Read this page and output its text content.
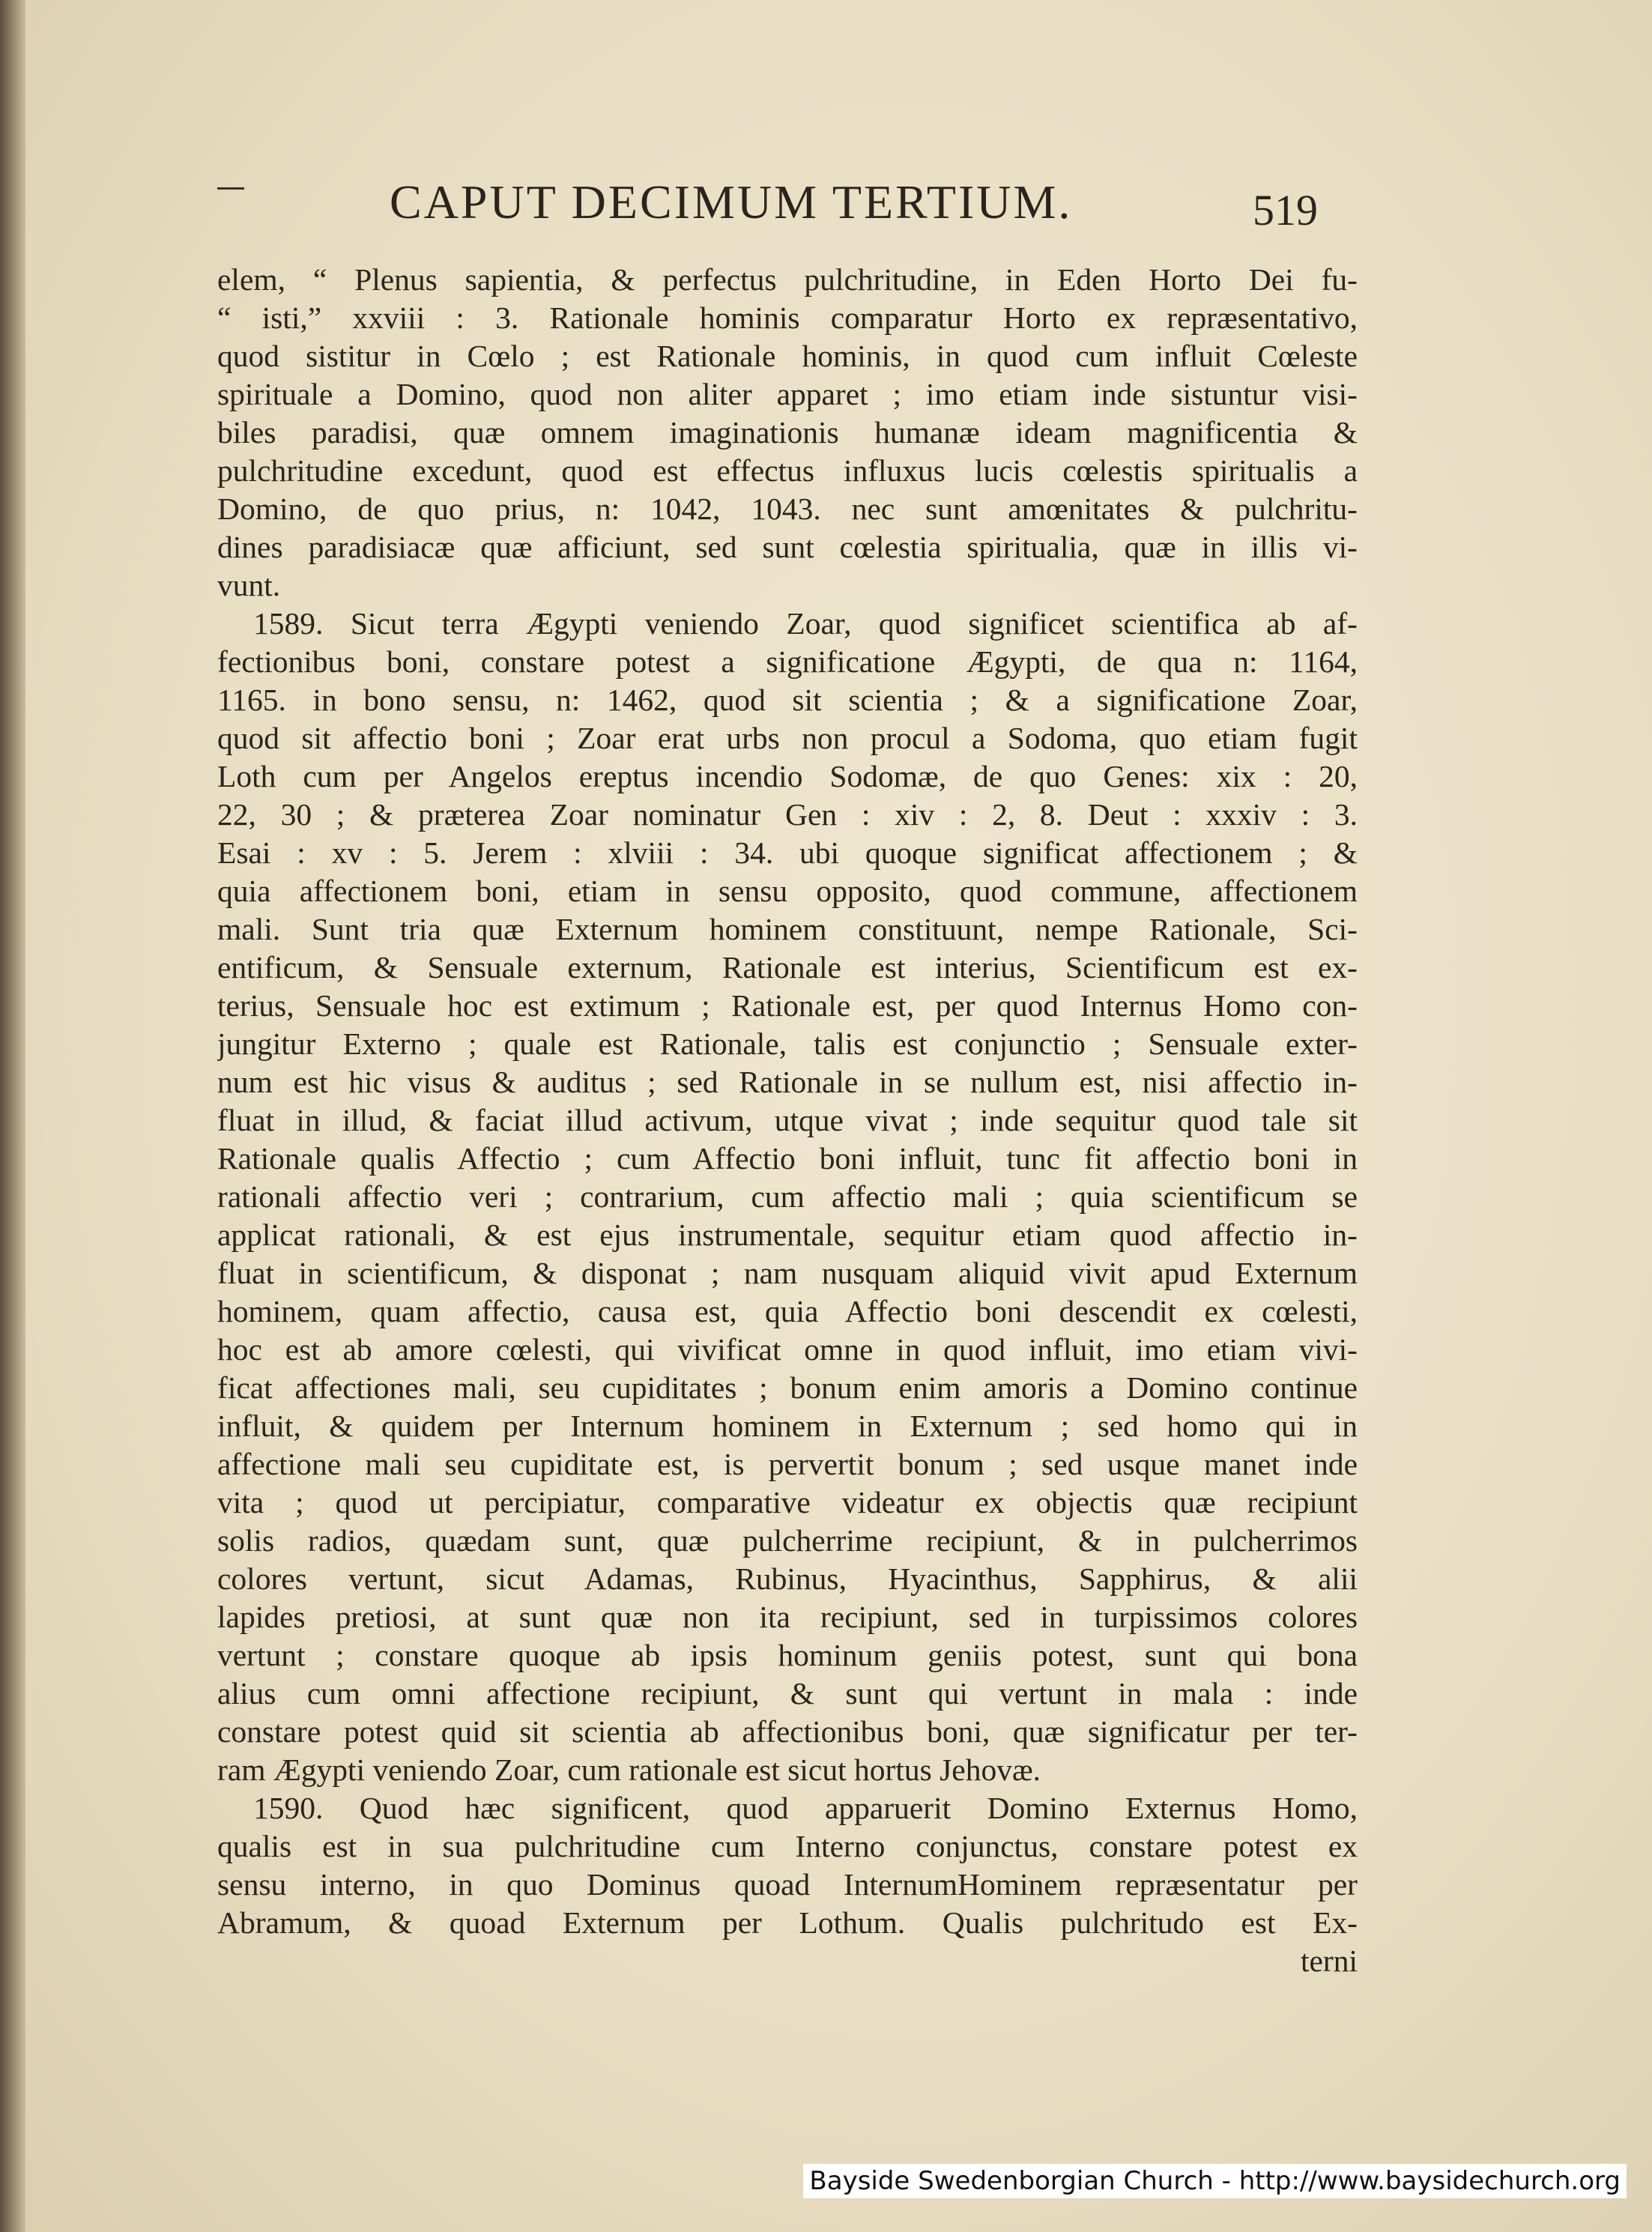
CAPUT DECIMUM TERTIUM.	519
elem, “ Plenus sapientia, & perfectus pulchritudine, in Eden Horto Dei fu-
“ isti,” xxviii : 3. Rationale hominis comparatur Horto ex repræsentativo,
quod sistitur in Cœlo ; est Rationale hominis, in quod cum influit Cœleste
spirituale a Domino, quod non aliter apparet ; imo etiam inde sistuntur visi-
biles paradisi, quæ omnem imaginationis humanæ ideam magnificentia &
pulchritudine excedunt, quod est effectus influxus lucis cœlestis spiritualis a
Domino, de quo prius, n: 1042, 1043. nec sunt amœnitates & pulchritu-
dines paradisiacæ quæ afficiunt, sed sunt cœlestia spiritualia, quæ in illis vi-
vunt.
1589. Sicut terra Ægypti veniendo Zoar, quod significet scientifica ab af-
fectionibus boni, constare potest a significatione Ægypti, de qua n: 1164,
1165. in bono sensu, n: 1462, quod sit scientia ; & a significatione Zoar,
quod sit affectio boni ; Zoar erat urbs non procul a Sodoma, quo etiam fugit
Loth cum per Angelos ereptus incendio Sodomæ, de quo Genes: xix : 20,
22, 30 ; & præterea Zoar nominatur Gen : xiv : 2, 8. Deut : xxxiv : 3.
Esai : xv : 5. Jerem : xlviii : 34. ubi quoque significat affectionem ; &
quia affectionem boni, etiam in sensu opposito, quod commune, affectionem
mali. Sunt tria quæ Externum hominem constituunt, nempe Rationale, Sci-
entificum, & Sensuale externum, Rationale est interius, Scientificum est ex-
terius, Sensuale hoc est extimum ; Rationale est, per quod Internus Homo con-
jungitur Externo ; quale est Rationale, talis est conjunctio ; Sensuale exter-
num est hic visus & auditus ; sed Rationale in se nullum est, nisi affectio in-
fluat in illud, & faciat illud activum, utque vivat ; inde sequitur quod tale sit
Rationale qualis Affectio ; cum Affectio boni influit, tunc fit affectio boni in
rationali affectio veri ; contrarium, cum affectio mali ; quia scientificum se
applicat rationali, & est ejus instrumentale, sequitur etiam quod affectio in-
fluat in scientificum, & disponat ; nam nusquam aliquid vivit apud Externum
hominem, quam affectio, causa est, quia Affectio boni descendit ex cœlesti,
hoc est ab amore cœlesti, qui vivificat omne in quod influit, imo etiam vivi-
ficat affectiones mali, seu cupiditates ; bonum enim amoris a Domino continue
influit, & quidem per Internum hominem in Externum ; sed homo qui in
affectione mali seu cupiditate est, is pervertit bonum ; sed usque manet inde
vita ; quod ut percipiatur, comparative videatur ex objectis quæ recipiunt
solis radios, quædam sunt, quæ pulcherrime recipiunt, & in pulcherrimos
colores vertunt, sicut Adamas, Rubinus, Hyacinthus, Sapphirus, & alii
lapides pretiosi, at sunt quæ non ita recipiunt, sed in turpissimos colores
vertunt ; constare quoque ab ipsis hominum geniis potest, sunt qui bona
alius cum omni affectione recipiunt, & sunt qui vertunt in mala : inde
constare potest quid sit scientia ab affectionibus boni, quæ significatur per ter-
ram Ægypti veniendo Zoar, cum rationale est sicut hortus Jehovæ.
1590. Quod hæc significent, quod apparuerit Domino Externus Homo,
qualis est in sua pulchritudine cum Interno conjunctus, constare potest ex
sensu interno, in quo Dominus quoad InternumHominem repræsentatur per
Abramum, & quoad Externum per Lothum. Qualis pulchritudo est Ex-
terni
Bayside Swedenborgian Church - http://www.baysidechurch.org
